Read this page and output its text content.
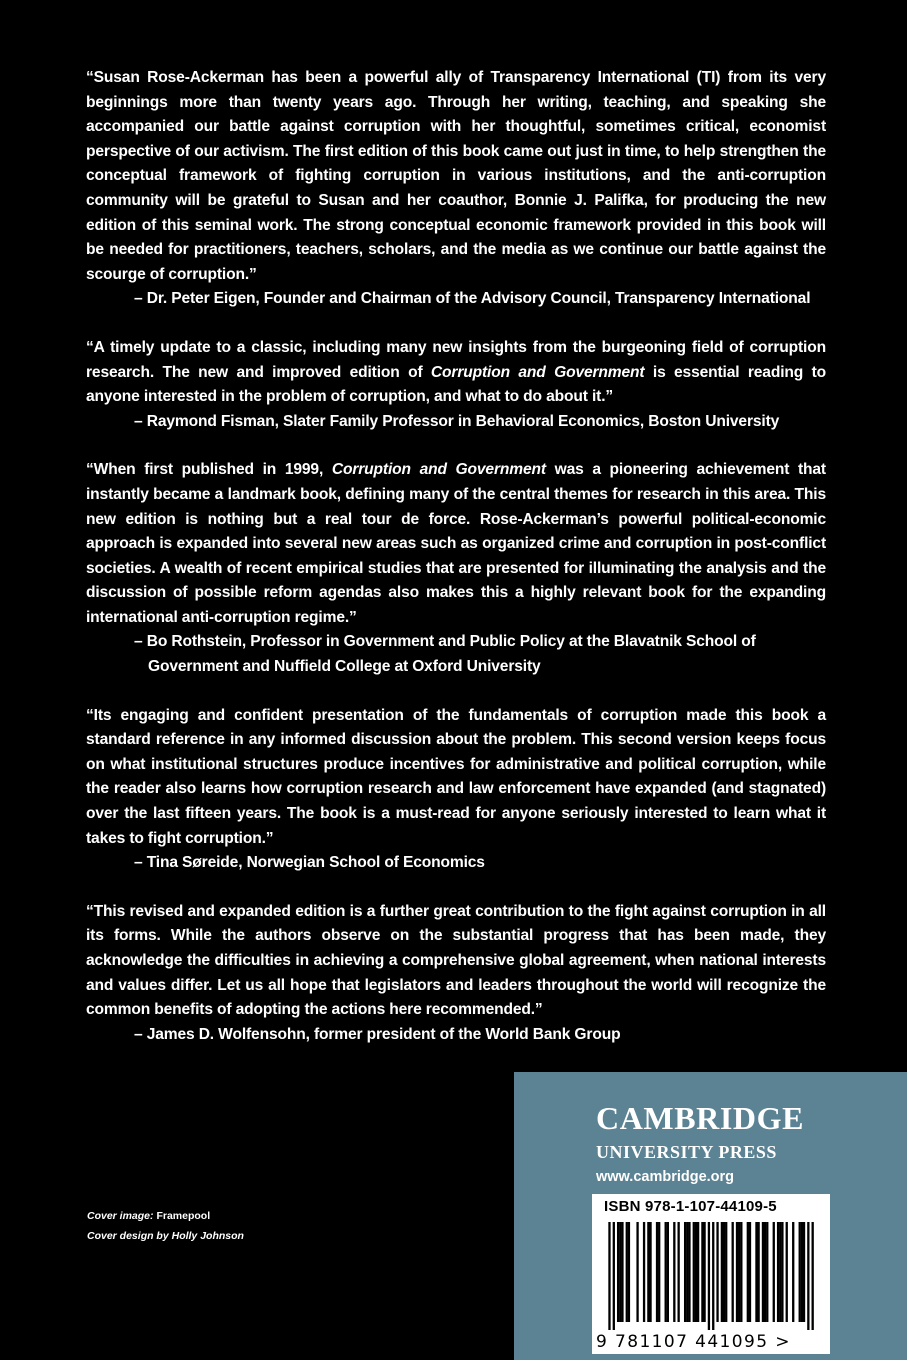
“Susan Rose-Ackerman has been a powerful ally of Transparency International (TI) from its very beginnings more than twenty years ago. Through her writing, teaching, and speaking she accompanied our battle against corruption with her thoughtful, sometimes critical, economist perspective of our activism. The first edition of this book came out just in time, to help strengthen the conceptual framework of fighting corruption in various institutions, and the anti-corruption community will be grateful to Susan and her coauthor, Bonnie J. Palifka, for producing the new edition of this seminal work. The strong conceptual economic framework provided in this book will be needed for practitioners, teachers, scholars, and the media as we continue our battle against the scourge of corruption.”

– Dr. Peter Eigen, Founder and Chairman of the Advisory Council, Transparency International

“A timely update to a classic, including many new insights from the burgeoning field of corruption research. The new and improved edition of Corruption and Government is essential reading to anyone interested in the problem of corruption, and what to do about it.”

– Raymond Fisman, Slater Family Professor in Behavioral Economics, Boston University

“When first published in 1999, Corruption and Government was a pioneering achievement that instantly became a landmark book, defining many of the central themes for research in this area. This new edition is nothing but a real tour de force. Rose-Ackerman’s powerful political-economic approach is expanded into several new areas such as organized crime and corruption in post-conflict societies. A wealth of recent empirical studies that are presented for illuminating the analysis and the discussion of possible reform agendas also makes this a highly relevant book for the expanding international anti-corruption regime.”

– Bo Rothstein, Professor in Government and Public Policy at the Blavatnik School of Government and Nuffield College at Oxford University

“Its engaging and confident presentation of the fundamentals of corruption made this book a standard reference in any informed discussion about the problem. This second version keeps focus on what institutional structures produce incentives for administrative and political corruption, while the reader also learns how corruption research and law enforcement have expanded (and stagnated) over the last fifteen years. The book is a must-read for anyone seriously interested to learn what it takes to fight corruption.”

– Tina Søreide, Norwegian School of Economics

“This revised and expanded edition is a further great contribution to the fight against corruption in all its forms. While the authors observe on the substantial progress that has been made, they acknowledge the difficulties in achieving a comprehensive global agreement, when national interests and values differ. Let us all hope that legislators and leaders throughout the world will recognize the common benefits of adopting the actions here recommended.”

– James D. Wolfensohn, former president of the World Bank Group

Cover image: Framepool
Cover design by Holly Johnson
CAMBRIDGE
UNIVERSITY PRESS
www.cambridge.org
ISBN 978-1-107-44109-5
9 781107 441095 >
